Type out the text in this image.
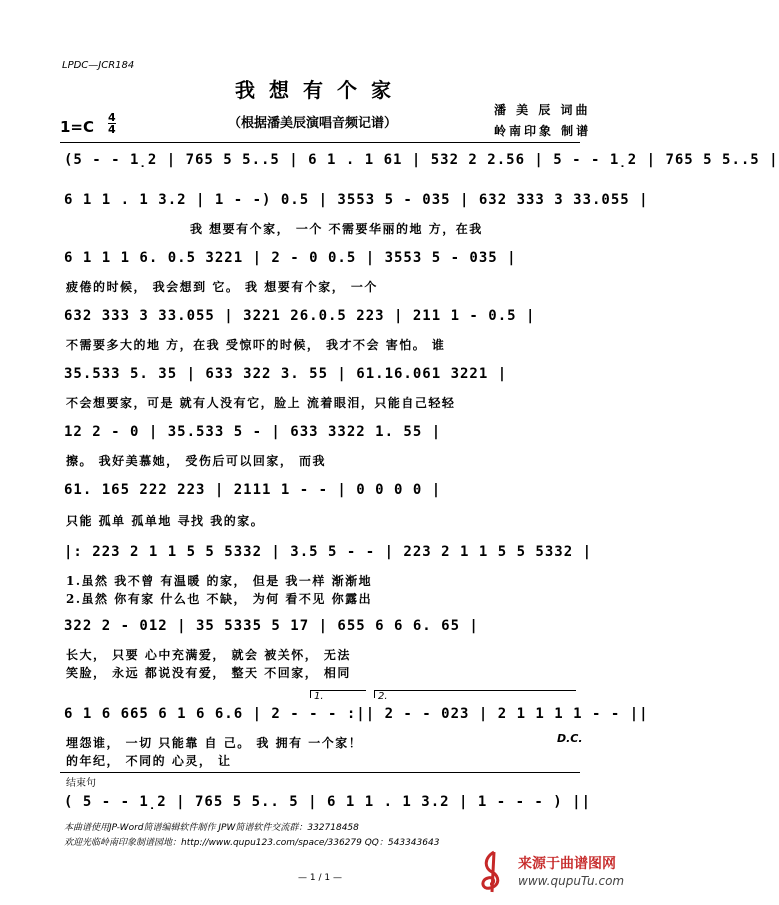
LPDC—JCR184
我想有个家
（根据潘美辰演唱音频记谱）
1=C
4
4
潘 美 辰 词曲
岭南印象 制谱
(5 - - 1̣2 | 765 5 5..5 | 6 1 . 1 61 | 532 2 2.56 | 5 - - 1̣2 | 765 5 5..5 |
6 1 1 . 1 3.2 | 1 - -) 0.5 | 3553 5 - 035 | 632 333 3 33.055 |
我 想要有个家， 一个 不需要华丽的地 方，在我
6 1 1 1 6. 0.5 3221 | 2 - 0 0.5 | 3553 5 - 035 |
疲倦的时候， 我会想到 它。 我 想要有个家， 一个
632 333 3 33.055 | 3221 26.0.5 223 | 211 1 - 0.5 |
不需要多大的地 方，在我 受惊吓的时候， 我才不会 害怕。 谁
35.533 5. 35 | 633 322 3. 55 | 61.16.061 3221 |
不会想要家，可是 就有人没有它，脸上 流着眼泪，只能自己轻轻
12 2 - 0 | 35.533 5 - | 633 3322 1. 55 |
擦。 我好美慕她， 受伤后可以回家， 而我
61. 165 222 223 | 2111 1 - - | 0 0 0 0 |
只能 孤单 孤单地 寻找 我的家。
|: 223 2 1 1 5 5 5332 | 3.5 5 - - | 223 2 1 1 5 5 5332 |
1.虽然 我不曾 有温暖 的家， 但是 我一样 渐渐地
2.虽然 你有家 什么也 不缺， 为何 看不见 你露出
322 2 - 012 | 35 5335 5 17 | 655 6 6 6. 65 |
长大， 只要 心中充满爱， 就会 被关怀， 无法
笑脸， 永远 都说没有爱， 整天 不回家， 相同
1.	2.
6 1 6 665 6 1 6 6.6 | 2 - - - :|| 2 - - 023 | 2 1 1 1 1 - - ||
埋怨谁， 一切 只能靠 自 己。 我 拥有 一个家！
的年纪， 不同的 心灵， 让
D.C.
结束句
( 5 - - 1̣2 | 765 5 5.. 5 | 6 1 1 . 1 3.2 | 1 - - - ) ||
本曲谱使用JP-Word简谱编辑软件制作 JPW简谱软件交流群：332718458
欢迎光临岭南印象制谱园地：http://www.qupu123.com/space/336279 QQ：543343643
— 1 / 1 —
来源于曲谱图网
www.qupuTu.com
